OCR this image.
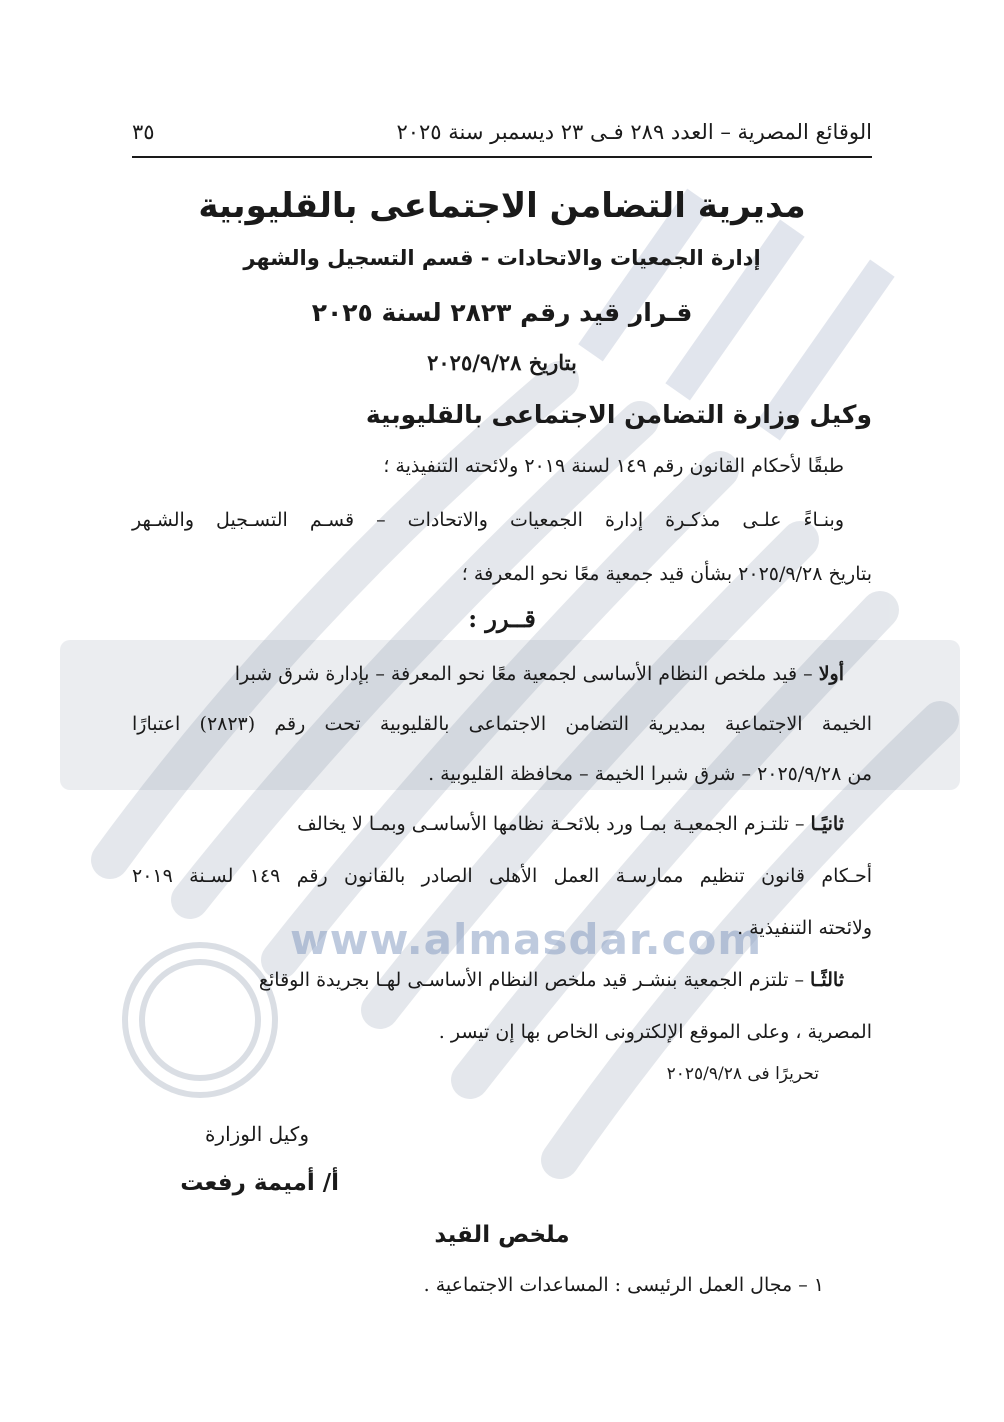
www.almasdar.com
الوقائع المصرية – العدد ٢٨٩ فـى ٢٣ ديسمبر سنة ٢٠٢٥
٣٥
مديرية التضامن الاجتماعى بالقليوبية
إدارة الجمعيات والاتحادات - قسم التسجيل والشهر
قـرار قيد رقم ٢٨٢٣ لسنة ٢٠٢٥
بتاريخ ٢٠٢٥/٩/٢٨
وكيل وزارة التضامن الاجتماعى بالقليوبية
طبقًا لأحكام القانون رقم ١٤٩ لسنة ٢٠١٩ ولائحته التنفيذية ؛
وبنـاءً علـى مذكـرة إدارة الجمعيات والاتحادات – قسـم التسـجيل والشـهر
بتاريخ ٢٠٢٥/٩/٢٨ بشأن قيد جمعية معًا نحو المعرفة ؛
قــرر :
أولا – قيد ملخص النظام الأساسى لجمعية معًا نحو المعرفة – بإدارة شرق شبرا
الخيمة الاجتماعية بمديرية التضامن الاجتماعى بالقليوبية تحت رقم (٢٨٢٣) اعتبارًا
من ٢٠٢٥/٩/٢٨ – شرق شبرا الخيمة – محافظة القليوبية .
ثانيًـا – تلتـزم الجمعيـة بمـا ورد بلائحـة نظامها الأساسـى وبمـا لا يخالف
أحـكام قانون تنظيم ممارسـة العمل الأهلى الصادر بالقانون رقم ١٤٩ لسـنة ٢٠١٩
ولائحته التنفيذية .
ثالثًـا – تلتزم الجمعية بنشـر قيد ملخص النظام الأساسـى لهـا بجريدة الوقائع
المصرية ، وعلى الموقع الإلكترونى الخاص بها إن تيسر .
تحريرًا فى ٢٠٢٥/٩/٢٨
وكيل الوزارة
أ/ أميمة رفعت
ملخص القيد
١ – مجال العمل الرئيسى : المساعدات الاجتماعية .
